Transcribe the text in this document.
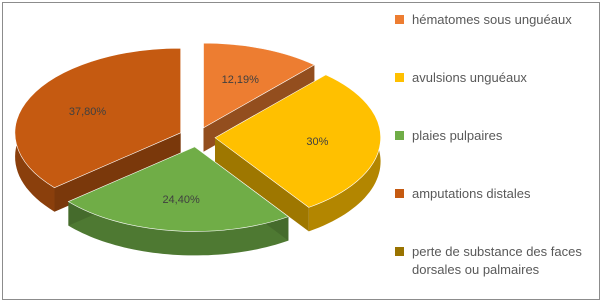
12,19%
30%
24,40%
37,80%
hématomes sous unguéaux
avulsions unguéaux
plaies pulpaires
amputations distales
perte de substance des faces dorsales ou palmaires
